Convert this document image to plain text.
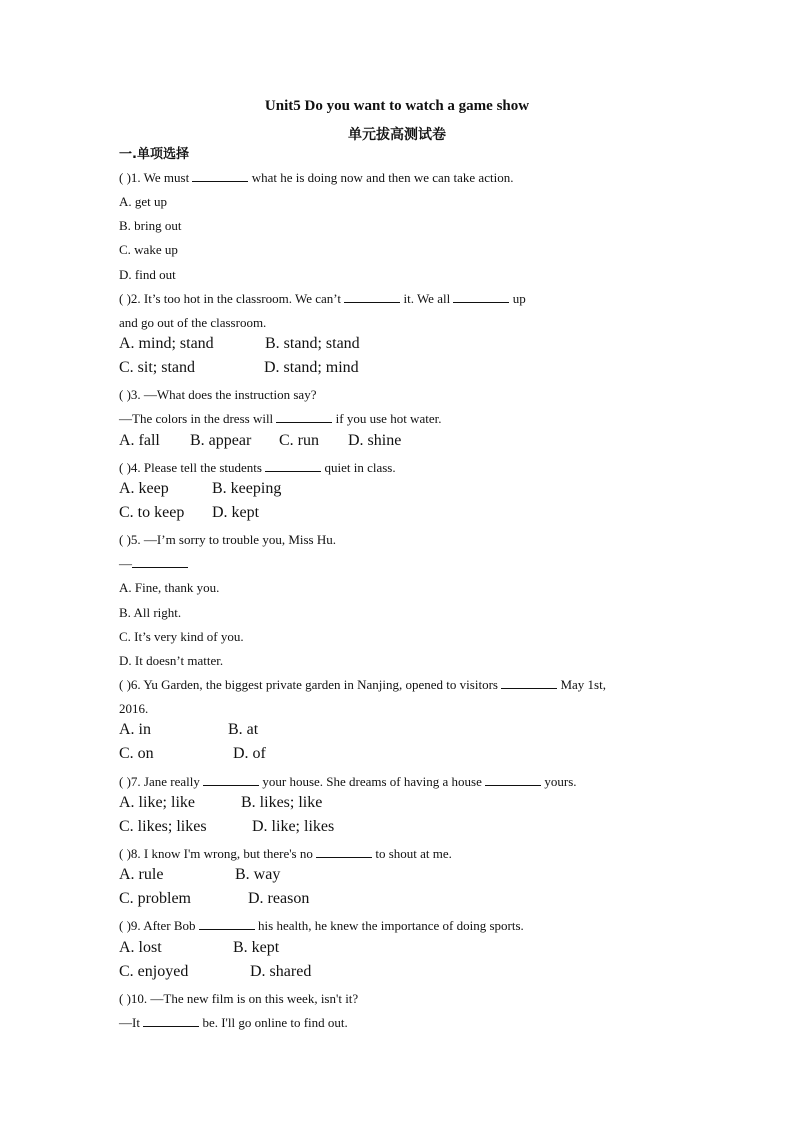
Unit5 Do you want to watch a game show
单元拔高测试卷
一.单项选择
( )1. We must	what he is doing now and then we can take action.
A. get up
B. bring out
C. wake up
D. find out
( )2. It’s too hot in the classroom. We can’t	it. We all	up
and go out of the classroom.
A. mind; stand	B. stand; stand
C. sit; stand	D. stand; mind
( )3. —What does the instruction say?
—The colors in the dress will	if you use hot water.
A. fall B. appear C. run D. shine
( )4. Please tell the students	quiet in class.
A. keep	B. keeping
C. to keep D. kept
( )5. —I’m sorry to trouble you, Miss Hu.
—
A. Fine, thank you.
B. All right.
C. It’s very kind of you.
D. It doesn’t matter.
( )6. Yu Garden, the biggest private garden in Nanjing, opened to visitors	May 1st,
2016.
A. in	B. at
C. on	D. of
( )7. Jane really	your house. She dreams of having a house	yours.
A. like; like	B. likes; like
C. likes; likes	D. like; likes
( )8. I know I'm wrong, but there's no	to shout at me.
A. rule	B. way
C. problem	D. reason
( )9. After Bob	his health, he knew the importance of doing sports.
A. lost	B. kept
C. enjoyed	D. shared
( )10. —The new film is on this week, isn't it?
—It	be. I'll go online to find out.
